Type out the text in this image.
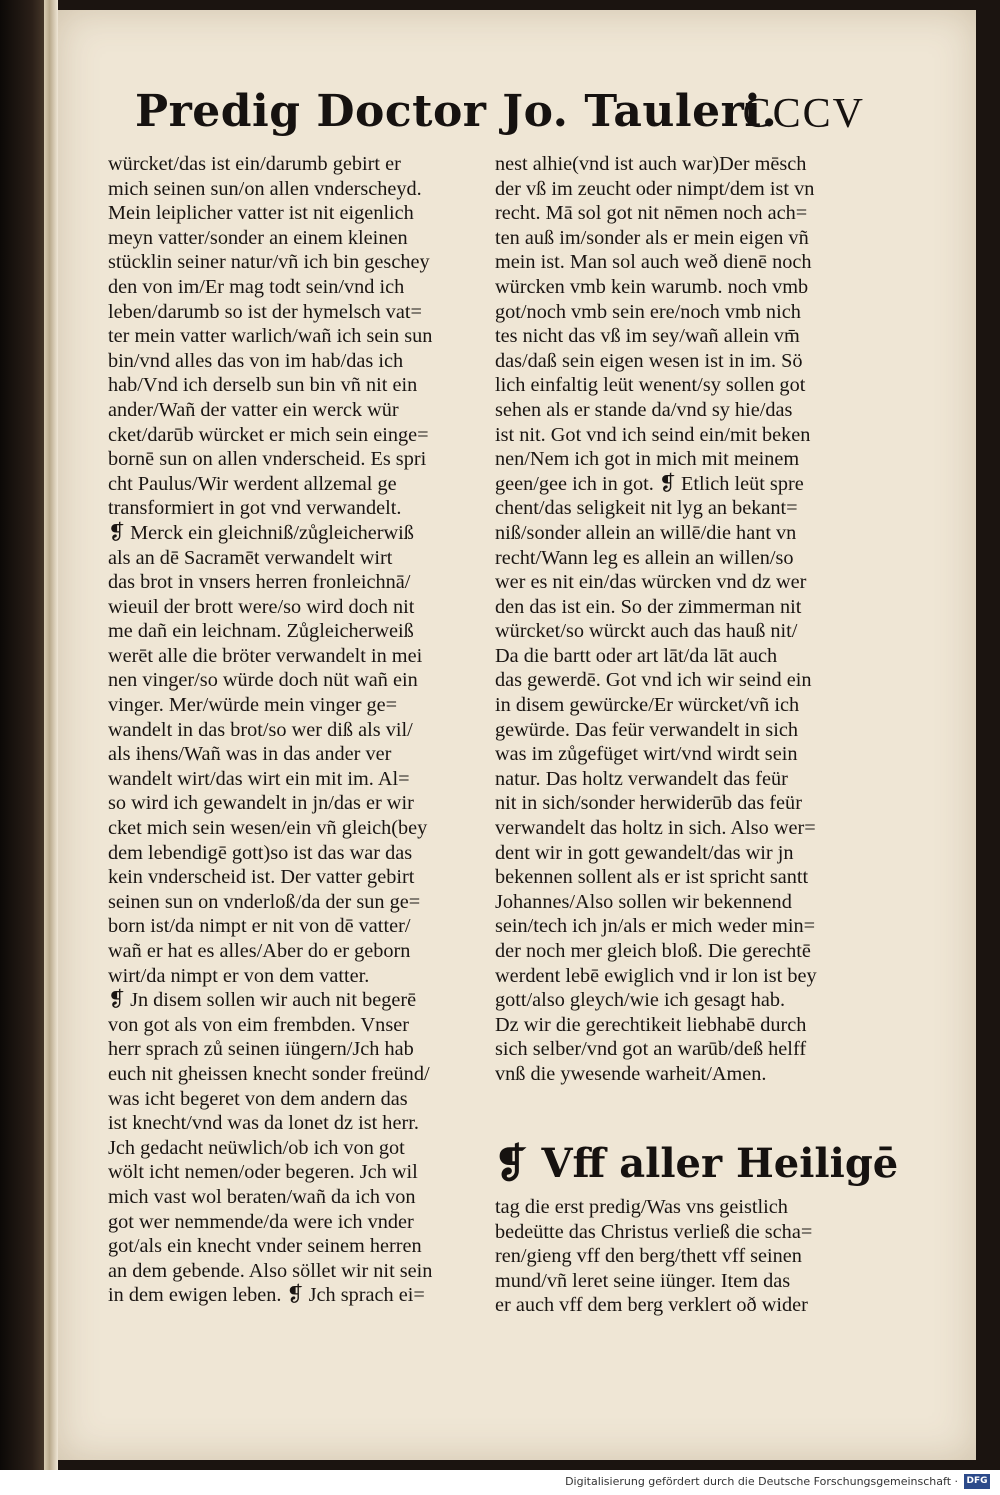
Predig Doctor Jo. Tauleri.
CCCV
würcket/das ist ein/darumb gebirt er
mich seinen sun/on allen vnderscheyd.
Mein leiplicher vatter ist nit eigenlich
meyn vatter/sonder an einem kleinen
stücklin seiner natur/vñ ich bin geschey
den von im/Er mag todt sein/vnd ich
leben/darumb so ist der hymelsch vat=
ter mein vatter warlich/wañ ich sein sun
bin/vnd alles das von im hab/das ich
hab/Vnd ich derselb sun bin vñ nit ein
ander/Wañ der vatter ein werck wür
cket/darūb würcket er mich sein einge=
bornē sun on allen vnderscheid. Es spri
cht Paulus/Wir werdent allzemal ge
transformiert in got vnd verwandelt.
❡ Merck ein gleichniß/zůgleicherwiß
als an dē Sacramēt verwandelt wirt
das brot in vnsers herren fronleichnā/
wieuil der brott were/so wird doch nit
me dañ ein leichnam. Zůgleicherweiß
werēt alle die bröter verwandelt in mei
nen vinger/so würde doch nüt wañ ein
vinger. Mer/würde mein vinger ge=
wandelt in das brot/so wer diß als vil/
als ihens/Wañ was in das ander ver
wandelt wirt/das wirt ein mit im. Al=
so wird ich gewandelt in jn/das er wir
cket mich sein wesen/ein vñ gleich(bey
dem lebendigē gott)so ist das war das
kein vnderscheid ist. Der vatter gebirt
seinen sun on vnderloß/da der sun ge=
born ist/da nimpt er nit von dē vatter/
wañ er hat es alles/Aber do er geborn
wirt/da nimpt er von dem vatter.
❡ Jn disem sollen wir auch nit begerē
von got als von eim frembden. Vnser
herr sprach zů seinen iüngern/Jch hab
euch nit gheissen knecht sonder freünd/
was icht begeret von dem andern das
ist knecht/vnd was da lonet dz ist herr.
Jch gedacht neüwlich/ob ich von got
wölt icht nemen/oder begeren. Jch wil
mich vast wol beraten/wañ da ich von
got wer nemmende/da were ich vnder
got/als ein knecht vnder seinem herren
an dem gebende. Also söllet wir nit sein
in dem ewigen leben. ❡ Jch sprach ei=
nest alhie(vnd ist auch war)Der mēsch
der vß im zeucht oder nimpt/dem ist vn
recht. Mā sol got nit nēmen noch ach=
ten auß im/sonder als er mein eigen vñ
mein ist. Man sol auch weð dienē noch
würcken vmb kein warumb. noch vmb
got/noch vmb sein ere/noch vmb nich
tes nicht das vß im sey/wañ allein vm̄
das/daß sein eigen wesen ist in im. Sö
lich einfaltig leüt wenent/sy sollen got
sehen als er stande da/vnd sy hie/das
ist nit. Got vnd ich seind ein/mit beken
nen/Nem ich got in mich mit meinem
geen/gee ich in got. ❡ Etlich leüt spre
chent/das seligkeit nit lyg an bekant=
niß/sonder allein an willē/die hant vn
recht/Wann leg es allein an willen/so
wer es nit ein/das würcken vnd dz wer
den das ist ein. So der zimmerman nit
würcket/so würckt auch das hauß nit/
Da die bartt oder art lāt/da lāt auch
das gewerdē. Got vnd ich wir seind ein
in disem gewürcke/Er würcket/vñ ich
gewürde. Das feür verwandelt in sich
was im zůgefüget wirt/vnd wirdt sein
natur. Das holtz verwandelt das feür
nit in sich/sonder herwiderūb das feür
verwandelt das holtz in sich. Also wer=
dent wir in gott gewandelt/das wir jn
bekennen sollent als er ist spricht santt
Johannes/Also sollen wir bekennend
sein/tech ich jn/als er mich weder min=
der noch mer gleich bloß. Die gerechtē
werdent lebē ewiglich vnd ir lon ist bey
gott/also gleych/wie ich gesagt hab.
Dz wir die gerechtikeit liebhabē durch
sich selber/vnd got an warūb/deß helff
vnß die ywesende warheit/Amen.
❡ Vff aller Heiligē
tag die erst predig/Was vns geistlich
bedeütte das Christus verließ die scha=
ren/gieng vff den berg/thett vff seinen
mund/vñ leret seine iünger. Item das
er auch vff dem berg verklert oð wider
Digitalisierung gefördert durch die Deutsche Forschungsgemeinschaft · DFG
